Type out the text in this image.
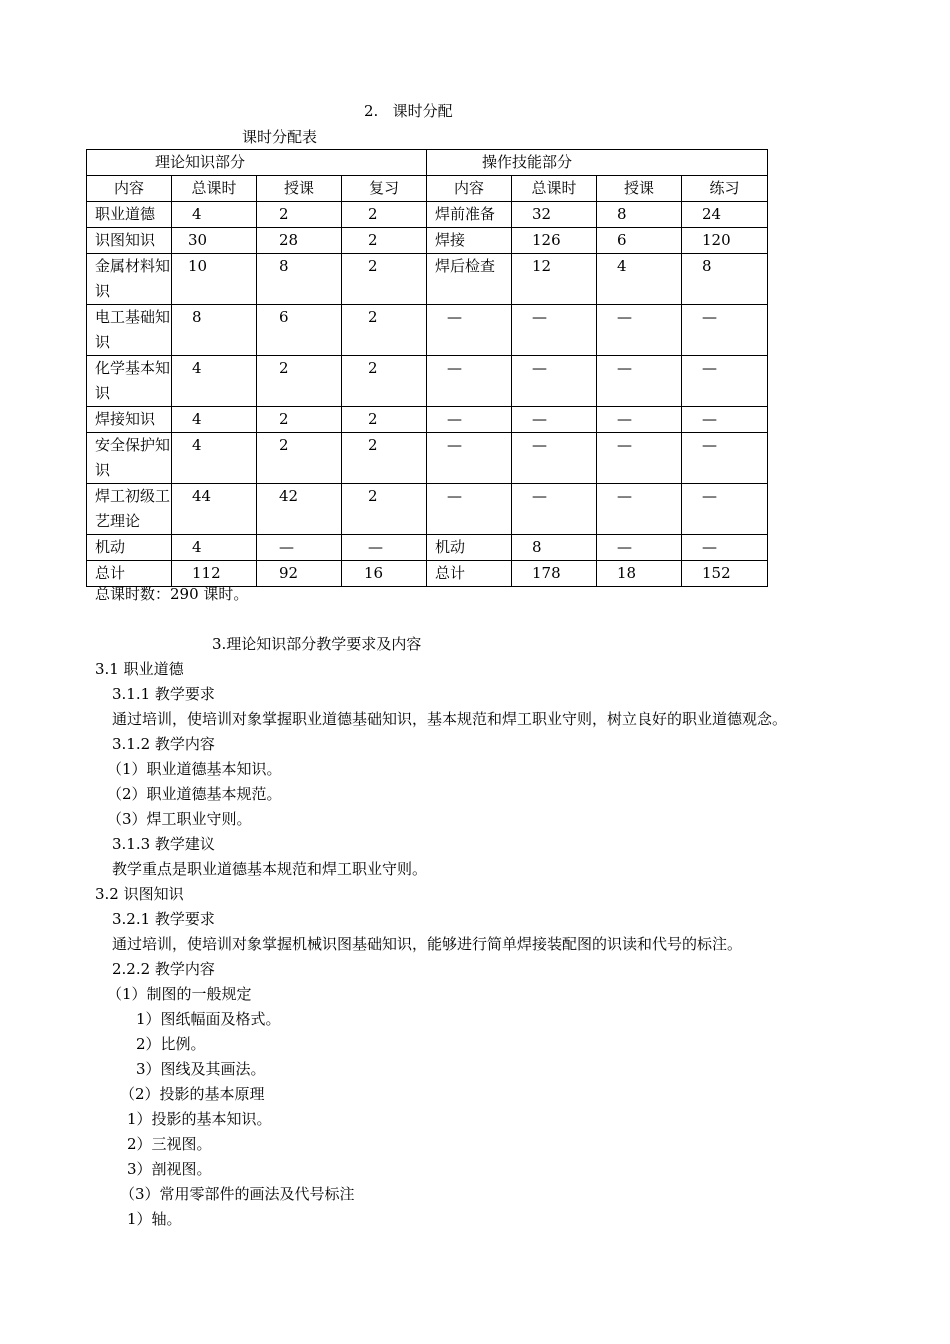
2.   课时分配
课时分配表
理论知识部分				操作技能部分			
内容	总课时	授课	复习	内容	总课时	授课	练习
职业道德	4	2	2	焊前准备	32	8	24
识图知识	30	28	2	焊接	126	6	120
金属材料知识	10	8	2	焊后检查	12	4	8
电工基础知识	8	6	2	—	—	—	—
化学基本知识	4	2	2	—	—	—	—
焊接知识	4	2	2	—	—	—	—
安全保护知识	4	2	2	—	—	—	—
焊工初级工艺理论	44	42	2	—	—	—	—
机动	4	—	—	机动	8	—	—
总计	112	92	16	总计	178	18	152
总课时数：290 课时。
3.理论知识部分教学要求及内容
3.1 职业道德
3.1.1 教学要求
通过培训，使培训对象掌握职业道德基础知识，基本规范和焊工职业守则，树立良好的职业道德观念。
3.1.2 教学内容
（1）职业道德基本知识。
（2）职业道德基本规范。
（3）焊工职业守则。
3.1.3 教学建议
教学重点是职业道德基本规范和焊工职业守则。
3.2 识图知识
3.2.1 教学要求
通过培训，使培训对象掌握机械识图基础知识，能够进行简单焊接装配图的识读和代号的标注。
2.2.2 教学内容
（1）制图的一般规定
1）图纸幅面及格式。
2）比例。
3）图线及其画法。
（2）投影的基本原理
1）投影的基本知识。
2）三视图。
3）剖视图。
（3）常用零部件的画法及代号标注
1）轴。
